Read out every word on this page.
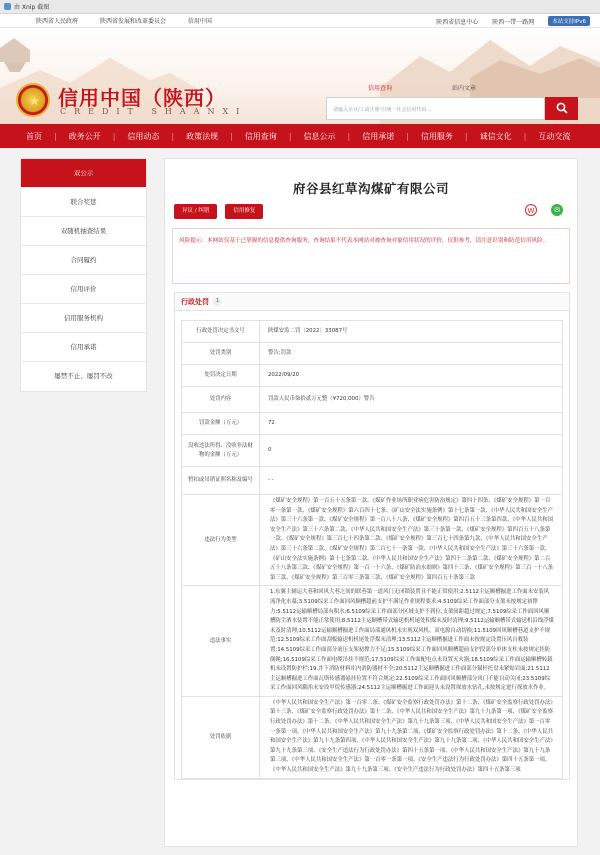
由 Xnip 截图
陕西省人民政府	陕西省发展和改革委员会	信用中国	陕西省信息中心 陕西一带一路网	本站支持IPv6
★ 信用中国（陕西）
CREDIT SHAANXI
信用查询	站内文章
请输入企业/工商注册号/统一社会信用代码...
首页 | 政务公开 | 信用动态 | 政策法规 | 信用查询 | 信息公示 | 信用承诺 | 信用服务 | 诚信文化 | 互动交流
双公示
联合奖惩
双随机抽查结果
合同履约
信用评价
信用服务机构
信用承诺
屡禁不止、屡罚不改
府谷县红草沟煤矿有限公司
异议 / 纠错	信用修复	W	✉
风险提示：本网站仅基于已掌握的信息提供查询服务，查询结果不代表本网站对被查询对象信用状况的评价，仅供参考，请注意识别和防范信用风险。
行政处罚	1
行政处罚决定书文号	陕煤安监二罚〔2022〕33087号
处罚类别	警告;罚款
处罚决定日期	2022/09/20
处罚内容	罚款人民币柒拾贰万元整（¥720,000）警告
罚款金额（万元）	72
没收违法所得、没收非法财物的金额（万元）	0
暂扣或吊销证照名称及编号	- -
违法行为类型	《煤矿安全规程》第一百五十五条第一款、《煤矿作业场所职业病危害防治规定》第四十四条、《煤矿安全规程》第一百零一条第一款、《煤矿安全规程》第六百四十七条、《矿山安全法实施条例》第十七条第一款、《中华人民共和国安全生产法》第三十六条第一款、《煤矿安全规程》第一百八十八条、《煤矿安全规程》第四百五十三条第四款、《中华人民共和国安全生产法》第三十六条第二款、《中华人民共和国安全生产法》第三十条第一款、《煤矿安全规程》第四百五十八条第一款、《煤矿安全规程》第三百七十四条第二款、《煤矿安全规程》第三百七十四条第九款、《中华人民共和国安全生产法》第三十六条第二款、《煤矿安全规程》第二百七十一条第一款、《中华人民共和国安全生产法》第三十六条第一款、《矿山安全法实施条例》第十七条第二款、《中华人民共和国安全生产法》第四十二条第二款、《煤矿安全规程》第二百五十八条第三款、《煤矿安全规程》第一百一十六条、《煤矿防治水细则》第四十三条、《煤矿安全规程》第三百一十八条第三款、《煤矿安全规程》第三百零三条第三款、《煤矿安全规程》第四百五十条第三款
违法事实	1.东翼主辅运大巷和回风大巷之间的联巷第一道风门无闭锁装置且不能正常使用;2.5112主运顺槽掘进工作面未安装风流净化水幕;3.5109综采工作面回风顺槽超前支护不满足作业规程要求;4.5109综采工作面部分支架未按规定初撑力;5.5112运输顺槽局部有积水;6.5109综采工作面部分区域支护不到位,支架间距超过规定;7.5109综采工作面回风顺槽防尘洒水装置不能正常使用;8.5112主运顺槽带式输送机机尾处积煤未及时清理;9.5112运输顺槽带式输送机沿线浮煤未及时清理;10.5112运输顺槽掘进工作面局部通风机未实现双风机、双电源自动切换;11.5109回风顺槽巷道支护不规范;12.5109综采工作面刮板输送机机尾处浮煤未清理;13.5112主运顺槽掘进工作面未按规定设置压风自救装置;14.5109综采工作面部分液压支架初撑力不足;15.5109综采工作面回风顺槽超前支护段部分单体支柱未按规定挂防倒绳;16.5109综采工作面电缆吊挂不规范;17.5109综采工作面配电点未设置灭火器;18.5109综采工作面运输顺槽转载机未设置防护栏;19.井下消防材料库内消防器材不全;20.5112主运顺槽掘进工作面部分锚杆托盘未紧贴岩面;21.5112主运顺槽掘进工作面瓦斯传感器悬挂位置不符合规定;22.5109综采工作面回风顺槽部分风门不能自动关闭;23.5109综采工作面回风隅角未安设甲烷传感器;24.5112主运顺槽掘进工作面迎头未设置探放水钻孔,未按规定进行探放水作业。
处罚依据	《中华人民共和国安全生产法》第一百零二条、《煤矿安全监察行政处罚办法》第十二条、《煤矿安全监察行政处罚办法》第十三条、《煤矿安全监察行政处罚办法》第十二条、《中华人民共和国安全生产法》第九十九条第一项、《煤矿安全监察行政处罚办法》第十二条、《中华人民共和国安全生产法》第九十九条第三项、《中华人民共和国安全生产法》第一百零一条第一项、《中华人民共和国安全生产法》第九十九条第二项、《煤矿安全监察行政处罚办法》第十二条、《中华人民共和国安全生产法》第九十九条第四项、《中华人民共和国安全生产法》第九十九条第二项、《中华人民共和国安全生产法》第九十九条第三项、《安全生产违法行为行政处罚办法》第四十五条第一项、《中华人民共和国安全生产法》第九十九条第三项、《中华人民共和国安全生产法》第一百零一条第一项、《安全生产违法行为行政处罚办法》第四十五条第一项、《中华人民共和国安全生产法》第九十九条第三项、《安全生产违法行为行政处罚办法》第四十五条第三项
